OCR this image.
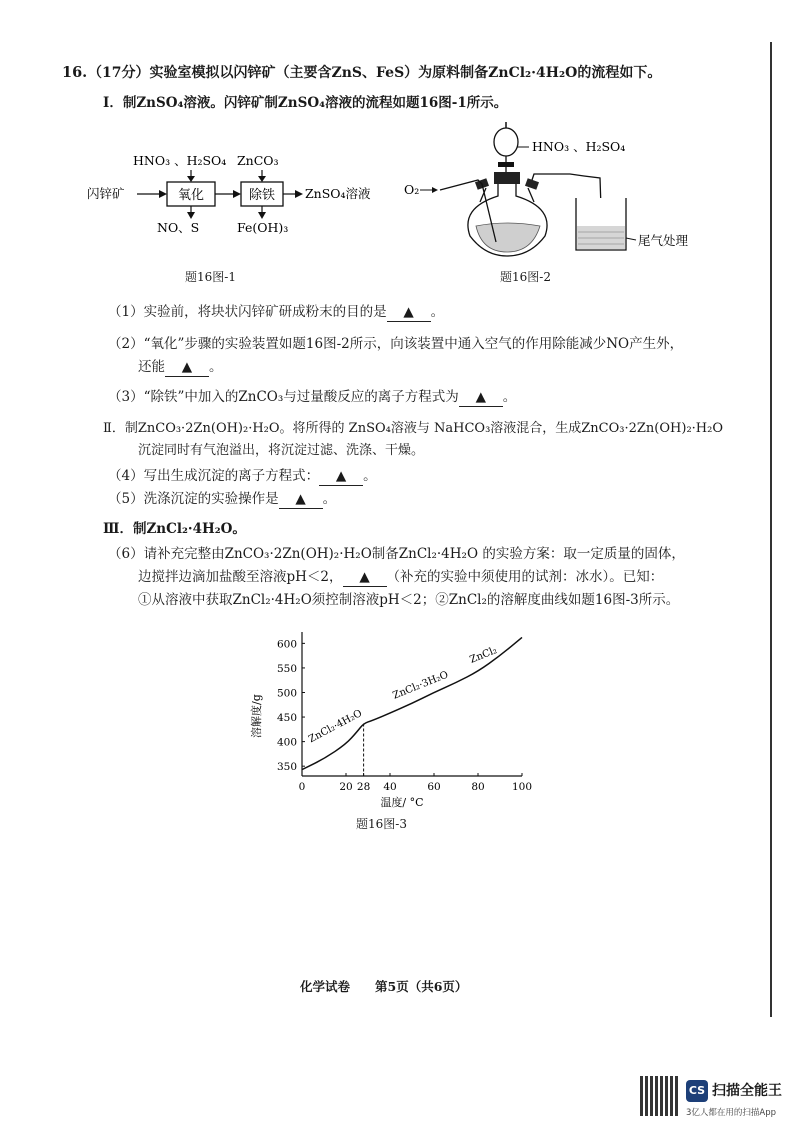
16. （17分）实验室模拟以闪锌矿（主要含ZnS、FeS）为原料制备ZnCl₂·4H₂O的流程如下。
Ⅰ．制ZnSO₄溶液。闪锌矿制ZnSO₄溶液的流程如题16图-1所示。
HNO₃ 、H₂SO₄ ZnCO₃
闪锌矿	氧化
NO、S
除铁
Fe(OH)₃
ZnSO₄溶液
题16图-1
HNO₃ 、H₂SO₄
O₂
尾气处理
题16图-2
（1）实验前，将块状闪锌矿研成粉末的目的是 ▲ 。
（2）“氧化”步骤的实验装置如题16图-2所示，向该装置中通入空气的作用除能减少NO产生外，
还能 ▲ 。
（3）“除铁”中加入的ZnCO₃与过量酸反应的离子方程式为 ▲ 。
Ⅱ．制ZnCO₃·2Zn(OH)₂·H₂O。将所得的 ZnSO₄溶液与 NaHCO₃溶液混合，生成ZnCO₃·2Zn(OH)₂·H₂O
沉淀同时有气泡溢出，将沉淀过滤、洗涤、干燥。
（4）写出生成沉淀的离子方程式： ▲ 。
（5）洗涤沉淀的实验操作是 ▲ 。
Ⅲ．制ZnCl₂·4H₂O。
（6）请补充完整由ZnCO₃·2Zn(OH)₂·H₂O制备ZnCl₂·4H₂O 的实验方案：取一定质量的固体，
边搅拌边滴加盐酸至溶液pH＜2， ▲ （补充的实验中须使用的试剂：冰水）。已知：
①从溶液中获取ZnCl₂·4H₂O须控制溶液pH＜2；②ZnCl₂的溶解度曲线如题16图-3所示。
0	20 28 40	60	80	100
350
400
450
500
550
600
ZnCl₂·4H₂O
ZnCl₂·3H₂O
ZnCl₂
溶解度/g
温度/ °C
题16图-3
化学试卷　　第5页（共6页）
CS 扫描全能王
3亿人都在用的扫描App
